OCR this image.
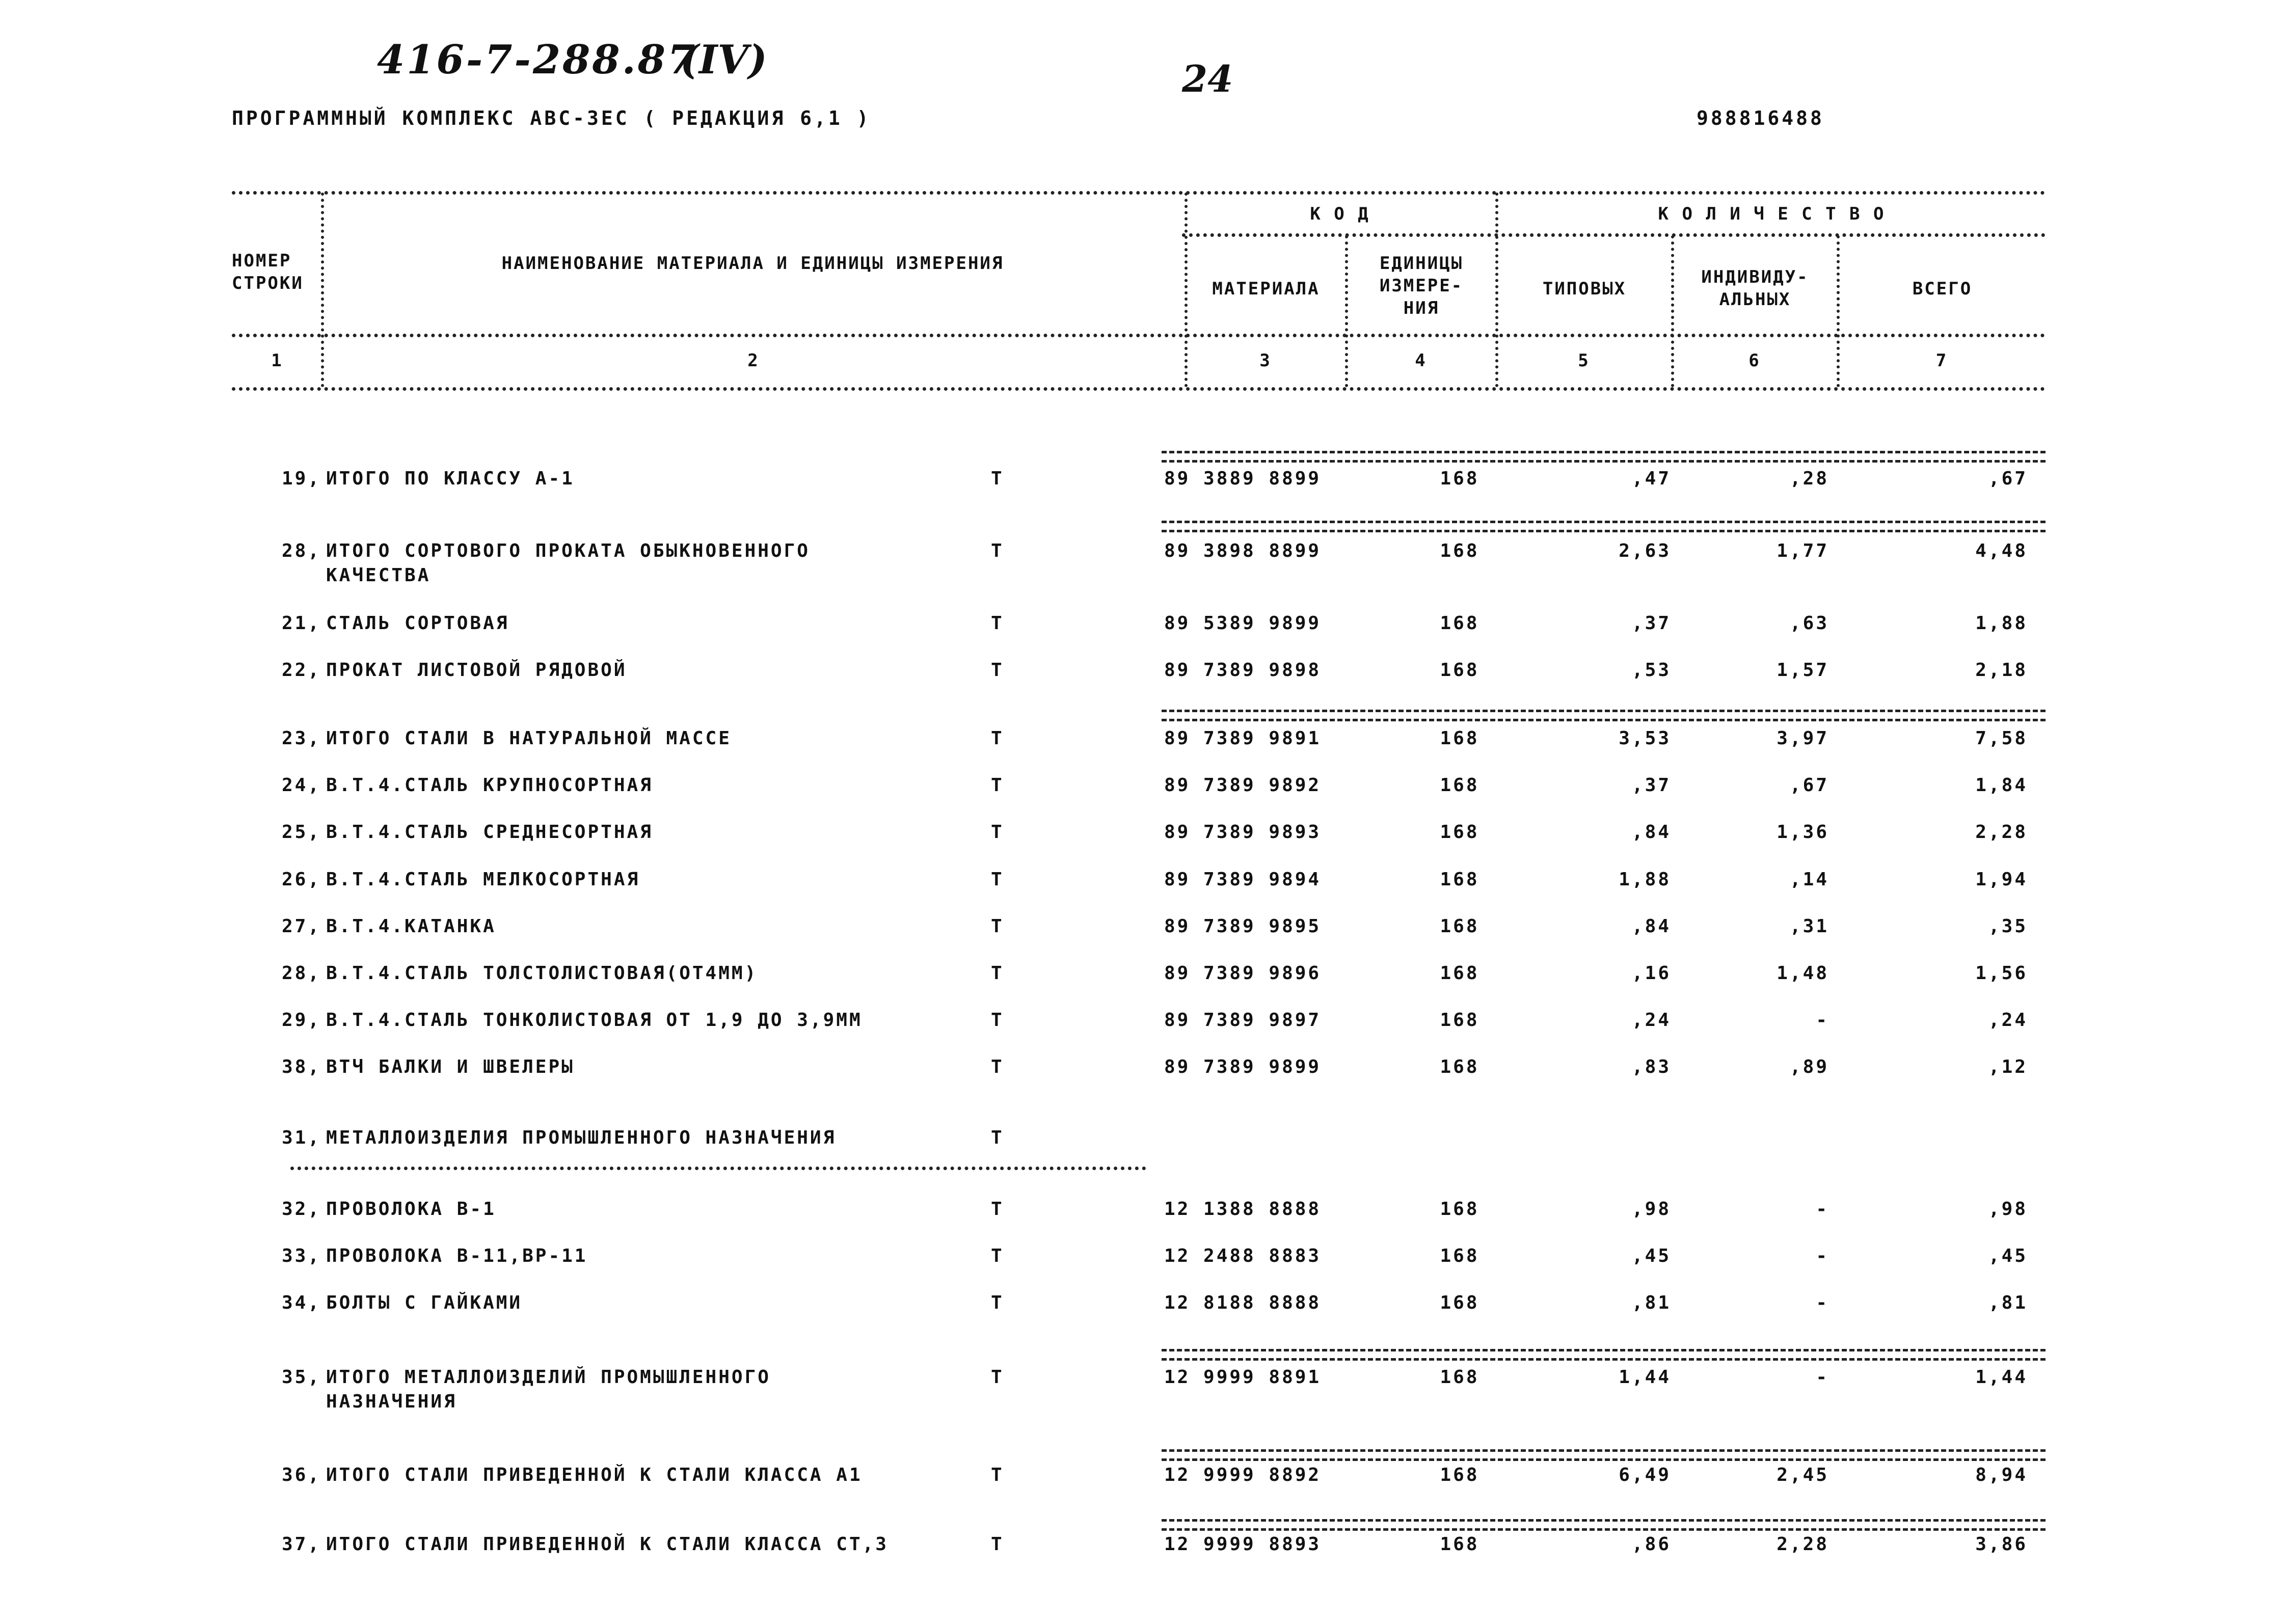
416-7-288.87
(IV)	24
ПРОГРАММНЫЙ КОМПЛЕКС АВС-3ЕС ( РЕДАКЦИЯ 6,1 )	988816488
НОМЕР
СТРОКИ
НАИМЕНОВАНИЕ МАТЕРИАЛА И ЕДИНИЦЫ ИЗМЕРЕНИЯ
К О Д
МАТЕРИАЛА
ЕДИНИЦЫ
ИЗМЕРЕ-
НИЯ
К О Л И Ч Е С Т В О
ТИПОВЫХ
ИНДИВИДУ-
АЛЬНЫХ
ВСЕГО
1	2	3	4	5	6	7
19, ИТОГО ПО КЛАССУ А-1	Т	89 3889 8899	168	,47	,28	,67
28, ИТОГО СОРТОВОГО ПРОКАТА ОБЫКНОВЕННОГО
КАЧЕСТВА
Т	89 3898 8899	168	2,63	1,77	4,48
21, СТАЛЬ СОРТОВАЯ	Т	89 5389 9899	168	,37	,63	1,88
22, ПРОКАТ ЛИСТОВОЙ РЯДОВОЙ	Т	89 7389 9898	168	,53	1,57	2,18
23, ИТОГО СТАЛИ В НАТУРАЛЬНОЙ МАССЕ	Т	89 7389 9891	168	3,53	3,97	7,58
24, В.Т.4.СТАЛЬ КРУПНОСОРТНАЯ	Т	89 7389 9892	168	,37	,67	1,84
25, В.Т.4.СТАЛЬ СРЕДНЕСОРТНАЯ	Т	89 7389 9893	168	,84	1,36	2,28
26, В.Т.4.СТАЛЬ МЕЛКОСОРТНАЯ	Т	89 7389 9894	168	1,88	,14	1,94
27, В.Т.4.КАТАНКА	Т	89 7389 9895	168	,84	,31	,35
28, В.Т.4.СТАЛЬ ТОЛСТОЛИСТОВАЯ(ОТ4ММ)	Т	89 7389 9896	168	,16	1,48	1,56
29, В.Т.4.СТАЛЬ ТОНКОЛИСТОВАЯ ОТ 1,9 ДО 3,9ММ	Т	89 7389 9897	168	,24	-	,24
38, ВТЧ БАЛКИ И ШВЕЛЕРЫ	Т	89 7389 9899	168	,83	,89	,12
31, МЕТАЛЛОИЗДЕЛИЯ ПРОМЫШЛЕННОГО НАЗНАЧЕНИЯ	Т
32, ПРОВОЛОКА В-1	Т	12 1388 8888	168	,98	-	,98
33, ПРОВОЛОКА В-11,ВР-11	Т	12 2488 8883	168	,45	-	,45
34, БОЛТЫ С ГАЙКАМИ	Т	12 8188 8888	168	,81	-	,81
35, ИТОГО МЕТАЛЛОИЗДЕЛИЙ ПРОМЫШЛЕННОГО
НАЗНАЧЕНИЯ
Т	12 9999 8891	168	1,44	-	1,44
36, ИТОГО СТАЛИ ПРИВЕДЕННОЙ К СТАЛИ КЛАССА А1	Т	12 9999 8892	168	6,49	2,45	8,94
37, ИТОГО СТАЛИ ПРИВЕДЕННОЙ К СТАЛИ КЛАССА СТ,3	Т	12 9999 8893	168	,86	2,28	3,86
